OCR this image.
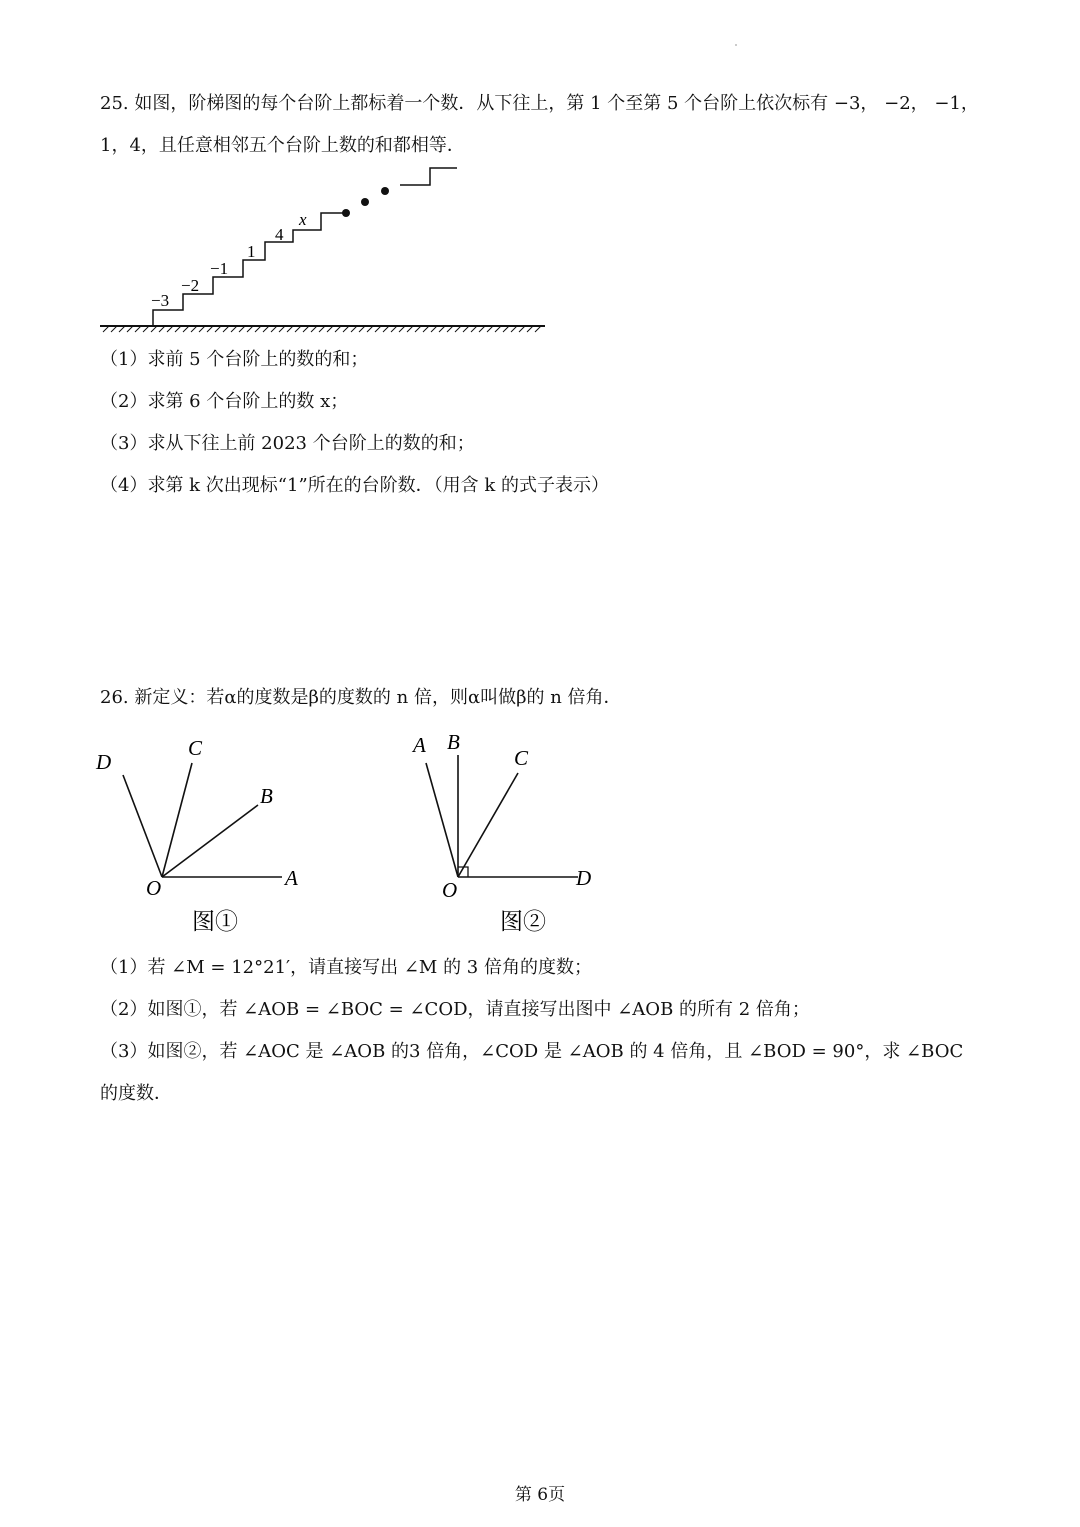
25. 如图，阶梯图的每个台阶上都标着一个数．从下往上，第 1 个至第 5 个台阶上依次标有 −3， −2， −1，
1，4，且任意相邻五个台阶上数的和都相等．
−3
−2
−1
1
4
x
（1）求前 5 个台阶上的数的和；
（2）求第 6 个台阶上的数 x；
（3）求从下往上前 2023 个台阶上的数的和；
（4）求第 k 次出现标“1”所在的台阶数．（用含 k 的式子表示）
26. 新定义：若α的度数是β的度数的 n 倍，则α叫做β的 n 倍角．
D
C
B
A
O
图①
A B
C
D
O
图②
（1）若 ∠M = 12°21′，请直接写出 ∠M 的 3 倍角的度数；
（2）如图①，若 ∠AOB = ∠BOC = ∠COD，请直接写出图中 ∠AOB 的所有 2 倍角；
（3）如图②，若 ∠AOC 是 ∠AOB 的3 倍角，∠COD 是 ∠AOB 的 4 倍角，且 ∠BOD = 90°，求 ∠BOC
的度数．
第 6页
